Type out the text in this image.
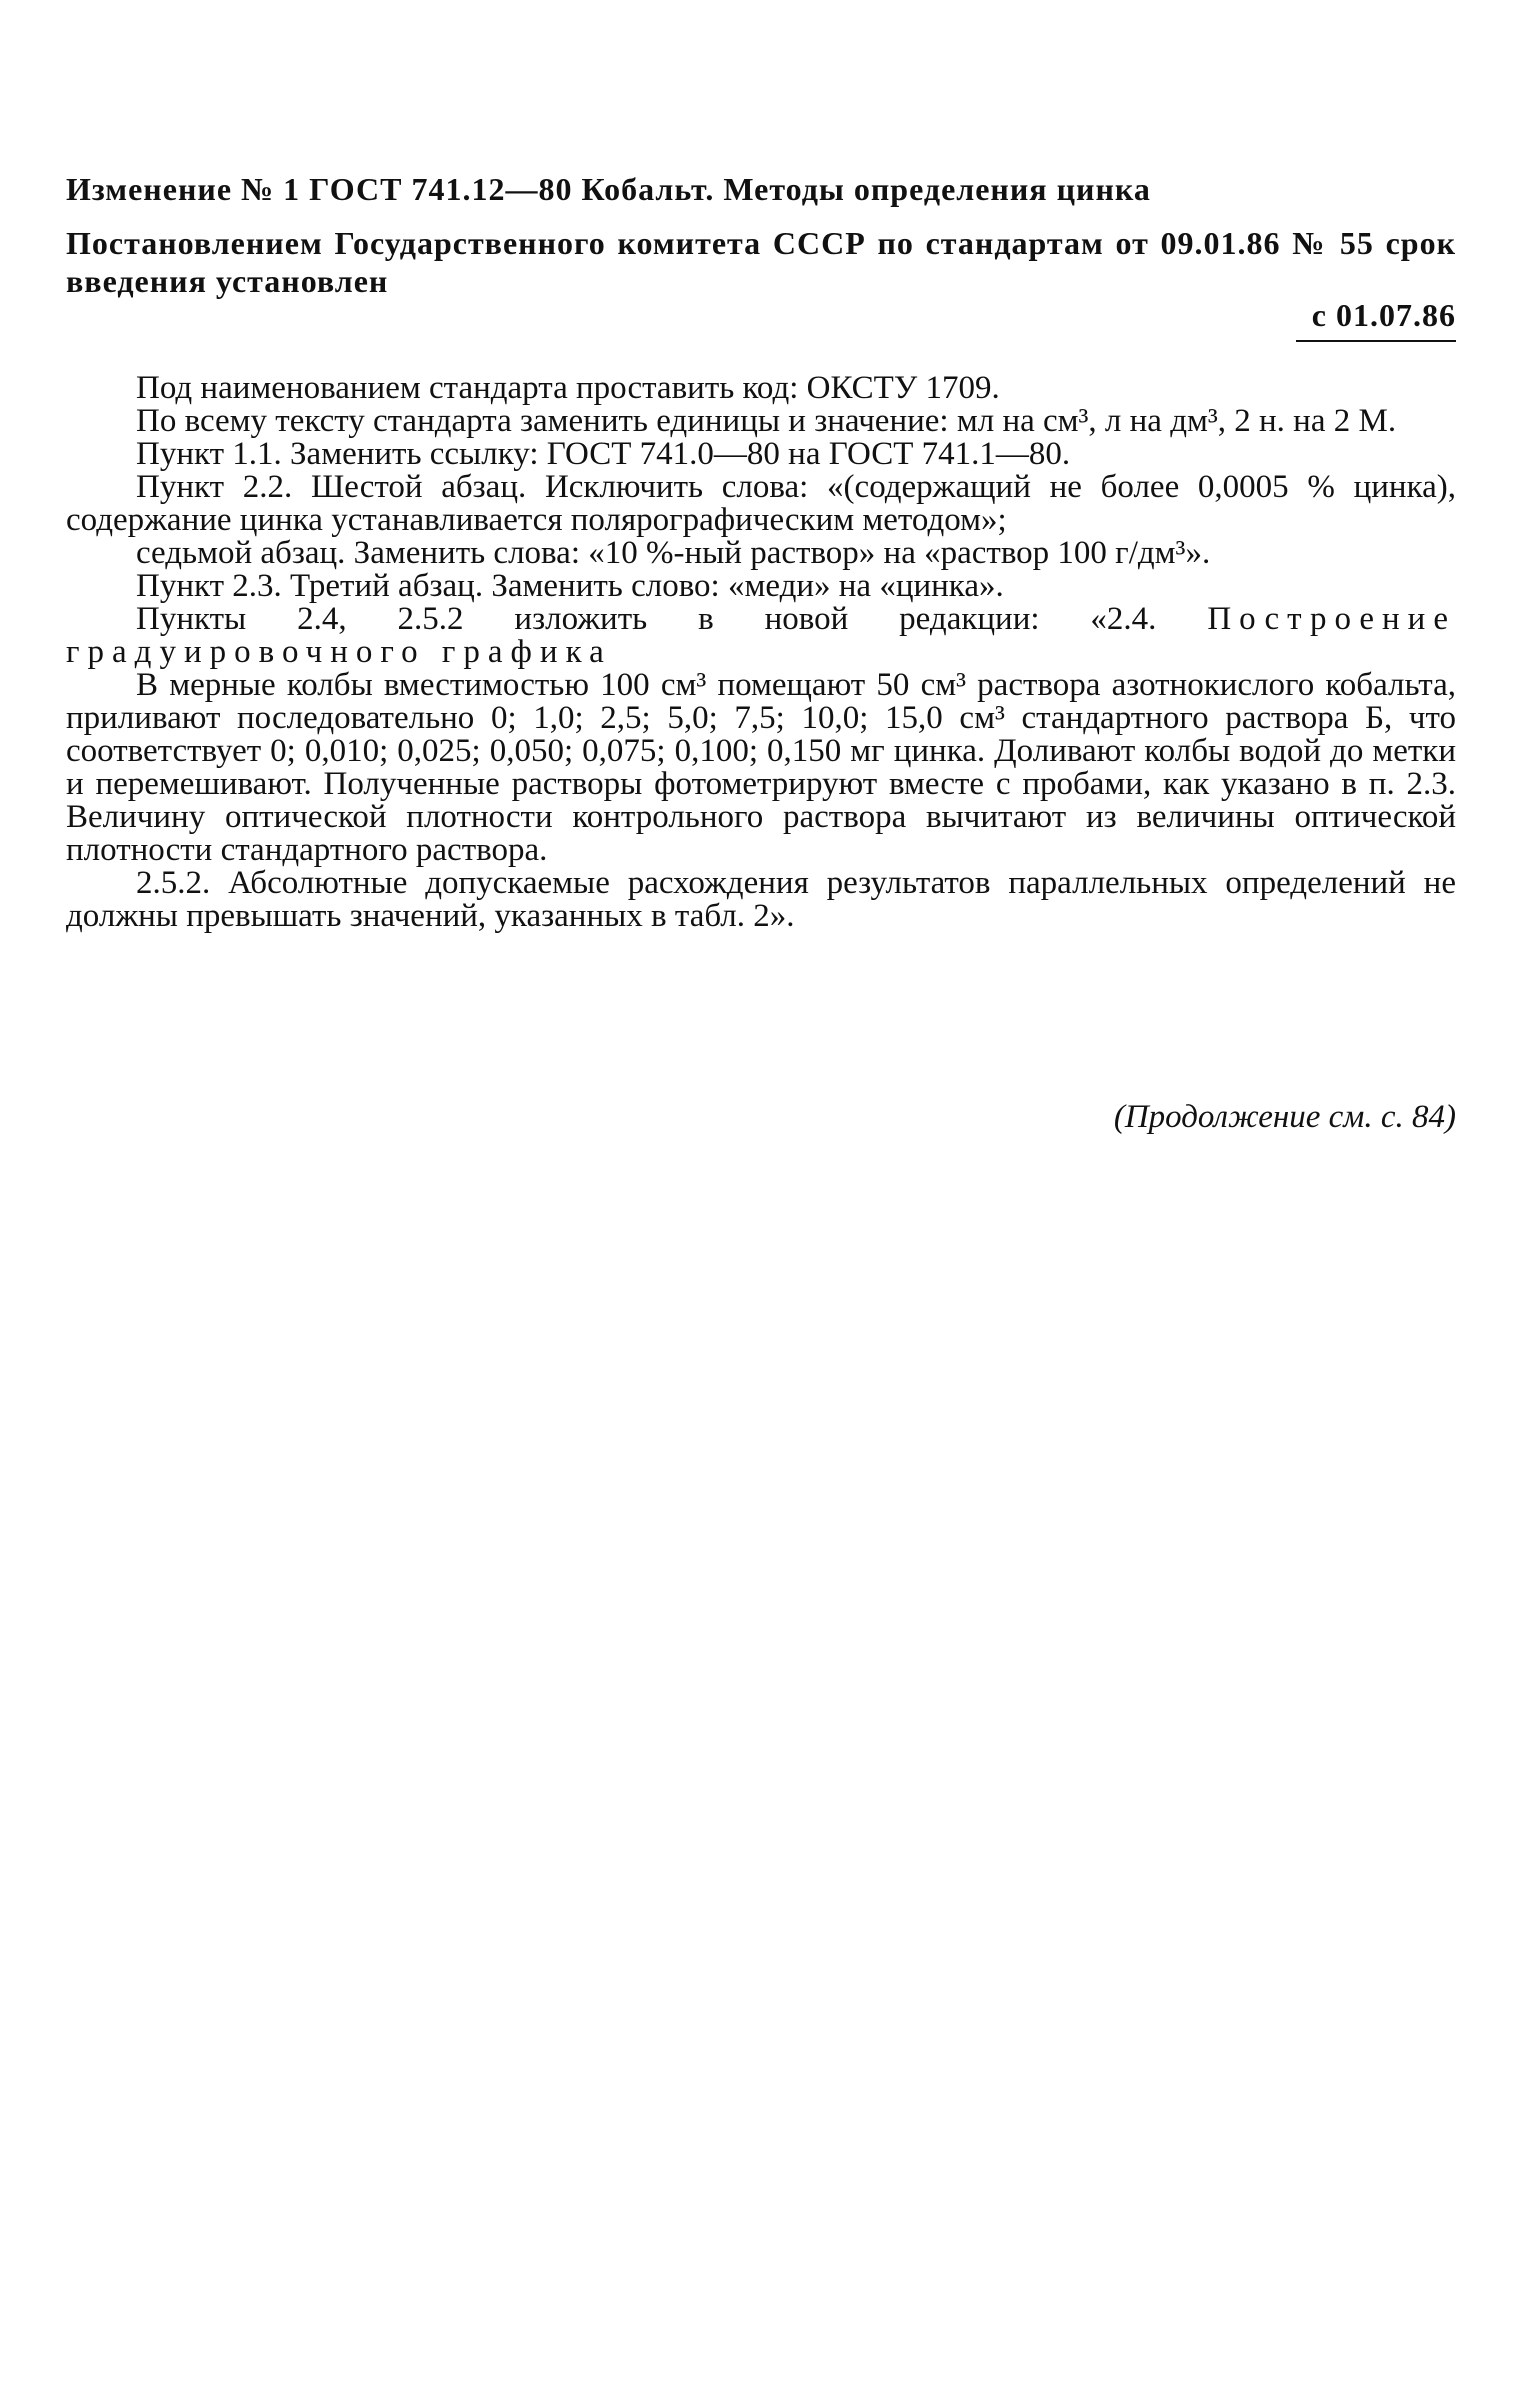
Изменение № 1 ГОСТ 741.12—80 Кобальт. Методы определения цинка

Постановлением Государственного комитета СССР по стандартам от 09.01.86 № 55 срок введения установлен

с 01.07.86

Под наименованием стандарта проставить код: ОКСТУ 1709.

По всему тексту стандарта заменить единицы и значение: мл на см³, л на дм³, 2 н. на 2 М.

Пункт 1.1. Заменить ссылку: ГОСТ 741.0—80 на ГОСТ 741.1—80.

Пункт 2.2. Шестой абзац. Исключить слова: «(содержащий не более 0,0005 % цинка), содержание цинка устанавливается полярографическим методом»;

седьмой абзац. Заменить слова: «10 %-ный раствор» на «раствор 100 г/дм³».

Пункт 2.3. Третий абзац. Заменить слово: «меди» на «цинка».

Пункты 2.4, 2.5.2 изложить в новой редакции: «2.4. Построение градуировочного графика

В мерные колбы вместимостью 100 см³ помещают 50 см³ раствора азотнокислого кобальта, приливают последовательно 0; 1,0; 2,5; 5,0; 7,5; 10,0; 15,0 см³ стандартного раствора Б, что соответствует 0; 0,010; 0,025; 0,050; 0,075; 0,100; 0,150 мг цинка. Доливают колбы водой до метки и перемешивают. Полученные растворы фотометрируют вместе с пробами, как указано в п. 2.3. Величину оптической плотности контрольного раствора вычитают из величины оптической плотности стандартного раствора.

2.5.2. Абсолютные допускаемые расхождения результатов параллельных определений не должны превышать значений, указанных в табл. 2».

(Продолжение см. с. 84)
